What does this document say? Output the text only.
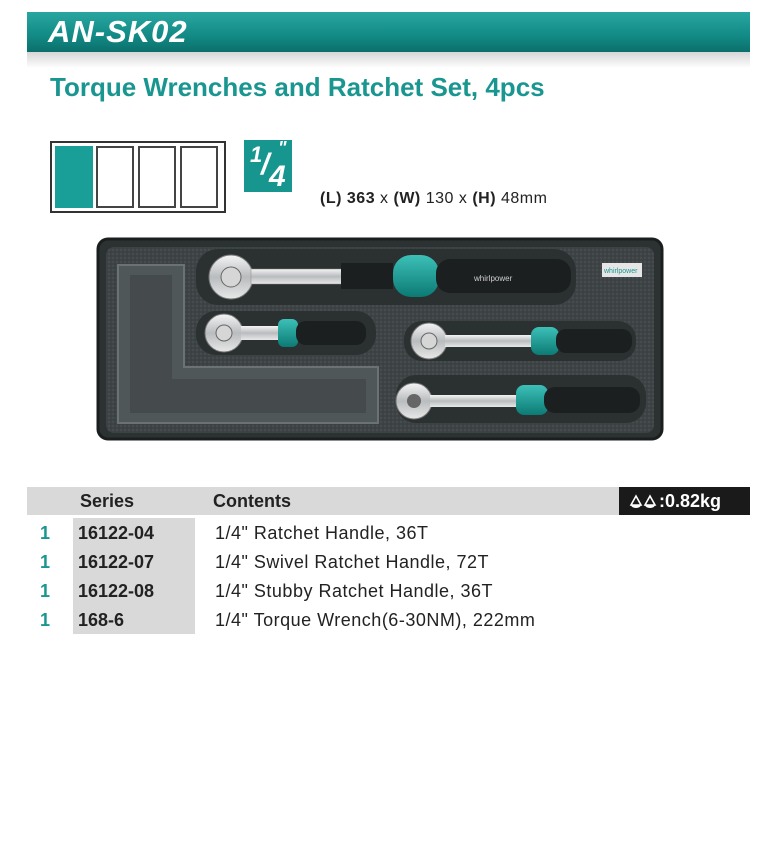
AN-SK02
Torque Wrenches and Ratchet Set, 4pcs
1
/ 4
"
(L) 363 x (W) 130 x (H) 48mm
whirlpower
whirlpower
Series	Contents	:0.82kg
1 16122-04	1/4" Ratchet Handle, 36T
1 16122-07	1/4" Swivel Ratchet Handle, 72T
1 16122-08	1/4" Stubby Ratchet Handle, 36T
1 168-6	1/4" Torque Wrench(6-30NM), 222mm
